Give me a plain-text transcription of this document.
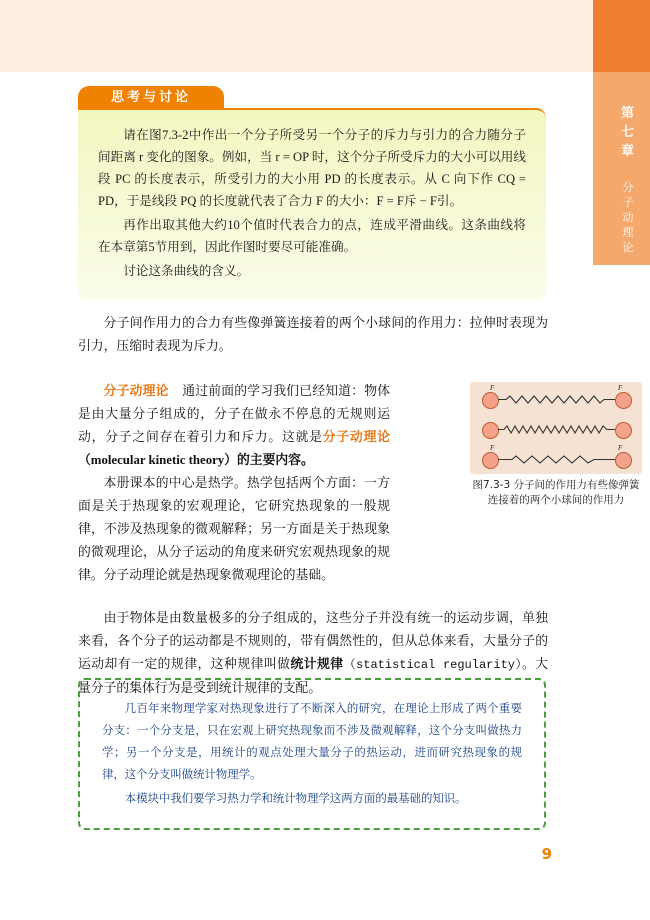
第七章
分子动理论
思考与讨论

请在图7.3-2中作出一个分子所受另一个分子的斥力与引力的合力随分子间距离 r 变化的图象。例如，当 r = OP 时，这个分子所受斥力的大小可以用线段 PC 的长度表示，所受引力的大小用 PD 的长度表示。从 C 向下作 CQ = PD，于是线段 PQ 的长度就代表了合力 F 的大小：F = F斥 − F引。

再作出取其他大约10个值时代表合力的点，连成平滑曲线。这条曲线将在本章第5节用到，因此作图时要尽可能准确。

讨论这条曲线的含义。

分子间作用力的合力有些像弹簧连接着的两个小球间的作用力：拉伸时表现为引力，压缩时表现为斥力。

分子动理论 通过前面的学习我们已经知道：物体是由大量分子组成的，分子在做永不停息的无规则运动，分子之间存在着引力和斥力。这就是分子动理论（molecular kinetic theory）的主要内容。

本册课本的中心是热学。热学包括两个方面：一方面是关于热现象的宏观理论，它研究热现象的一般规律，不涉及热现象的微观解释；另一方面是关于热现象的微观理论，从分子运动的角度来研究宏观热现象的规律。分子动理论就是热现象微观理论的基础。

由于物体是由数量极多的分子组成的，这些分子并没有统一的运动步调，单独来看，各个分子的运动都是不规则的，带有偶然性的，但从总体来看，大量分子的运动却有一定的规律，这种规律叫做统计规律（statistical regularity）。大量分子的集体行为是受到统计规律的支配。

F	F
F	F
图7.3-3 分子间的作用力有些像弹簧连接着的两个小球间的作用力

几百年来物理学家对热现象进行了不断深入的研究，在理论上形成了两个重要分支：一个分支是，只在宏观上研究热现象而不涉及微观解释，这个分支叫做热力学；另一个分支是，用统计的观点处理大量分子的热运动，进而研究热现象的规律，这个分支叫做统计物理学。

本模块中我们要学习热力学和统计物理学这两方面的最基础的知识。

9
